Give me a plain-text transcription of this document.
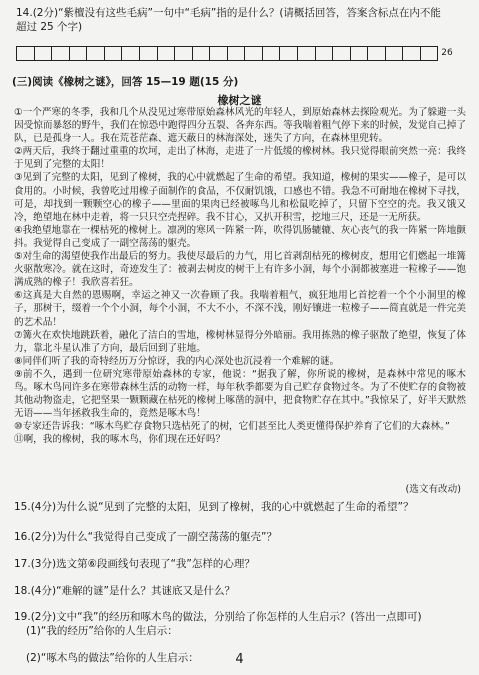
14.(2分)“紫檀没有这些毛病”一句中“毛病”指的是什么？(请概括回答，答案含标点在内不能
超过 25 个字)
26
(三)阅读《橡树之谜》，回答 15—19 题(15 分)
橡树之谜

①一个严寒的冬季，我和几个从没见过寒带原始森林风光的年轻人，到原始森林去探险观光。为了躲避一头因受惊而暴怒的野牛，我们在惊恐中跑得四分五裂、各奔东西。等我喘着粗气停下来的时候，发觉自己掉了队，已是孤身一人。我在荒苍茫森、遮天蔽日的林海深处，迷失了方向，在森林里兜转。

②两天后，我终于翻过重重的坎坷，走出了林海，走进了一片低缓的橡树林。我只觉得眼前突然一亮：我终于见到了完整的太阳！

③见到了完整的太阳，见到了橡树，我的心中就燃起了生命的希望。我知道，橡树的果实——橡子，是可以食用的。小时候，我曾吃过用橡子面制作的食品，不仅耐饥饿，口感也不错。我急不可耐地在橡树下寻找，可是，却找到一颗颗空心的橡子——里面的果肉已经被啄鸟儿和松鼠吃掉了，只留下空空的壳。我又饿又冷，绝望地在林中走着，将一只只空壳捏碎。我不甘心，又扒开积雪，挖地三尺，还是一无所获。

④我绝望地靠在一棵枯死的橡树上。凛冽的寒风一阵紧一阵，吹得饥肠辘辘、灰心丧气的我一阵紧一阵地颤抖。我觉得自己变成了一副空荡荡的躯壳。

⑤对生命的渴望使我作出最后的努力。我使尽最后的力气，用匕首剥刮枯死的橡树皮，想用它们燃起一堆篝火驱散寒冷。就在这时，奇迹发生了：被剥去树皮的树干上有许多小洞，每个小洞都被塞进一粒橡子——饱满成熟的橡子！我欣喜若狂。

⑥这真是大自然的恩赐啊，幸运之神又一次眷顾了我。我喘着粗气，疯狂地用匕首挖着一个个小洞里的橡子，那树干，缀着一个个小洞，每个小洞，不大不小，不深不浅，刚好镶进一粒橡子——简直就是一件完美的艺术品！

⑦篝火在欢快地跳跃着，融化了洁白的雪地，橡树林显得分外暗丽。我用拣熟的橡子驱散了绝望，恢复了体力，靠北斗星认准了方向，最后回到了驻地。

⑧同伴们听了我的奇特经历万分惊讶，我的内心深处也沉浸着一个难解的谜。

⑨前不久，遇到一位研究寒带原始森林的专家，他说：“据我了解，你所说的橡树，是森林中常见的啄木鸟。啄木鸟同许多在寒带森林生活的动物一样，每年秋季都要为自己贮存食物过冬。为了不使贮存的食物被其他动物盗走，它把坚果一颗颗藏在枯死的橡树上啄凿的洞中，把食物贮存在其中。”我惊呆了，好半天默然无语——当年拯救我生命的，竟然是啄木鸟！

⑩专家还告诉我：“啄木鸟贮存食物只选枯死了的树，它们甚至比人类更懂得保护养育了它们的大森林。”

⑪啊，我的橡树，我的啄木鸟，你们现在还好吗？

(选文有改动)
15.(4分)为什么说“见到了完整的太阳，见到了橡树，我的心中就燃起了生命的希望”？
16.(2分)为什么“我觉得自己变成了一副空荡荡的躯壳”？
17.(3分)选文第⑥段画线句表现了“我”怎样的心理？
18.(4分)“难解的谜”是什么？其谜底又是什么？
19.(2分)文中“我”的经历和啄木鸟的做法，分别给了你怎样的人生启示？(答出一点即可)
(1)“我的经历”给你的人生启示：
(2)“啄木鸟的做法”给你的人生启示：	4
